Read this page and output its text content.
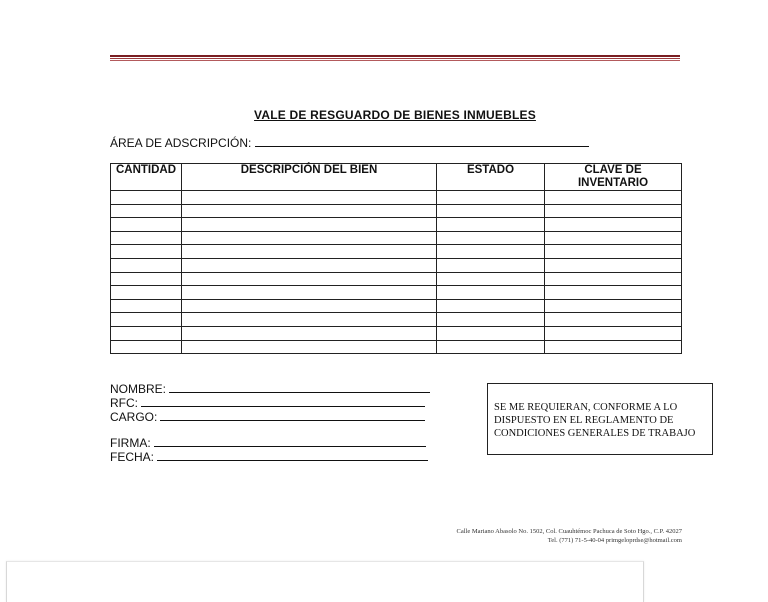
VALE DE RESGUARDO DE BIENES INMUEBLES
ÁREA DE ADSCRIPCIÓN:
CANTIDAD	DESCRIPCIÓN DEL BIEN	ESTADO	CLAVE DE INVENTARIO

NOMBRE:
RFC:
CARGO:
FIRMA:
FECHA:
SE ME REQUIERAN, CONFORME A LO DISPUESTO EN EL REGLAMENTO DE CONDICIONES GENERALES DE TRABAJO
Calle Mariano Abasolo No. 1502, Col. Cuauhtémoc Pachuca de Soto Hgo., C.P. 42027
Tel. (771) 71-5-40-04 primgeloprdse@hotmail.com
